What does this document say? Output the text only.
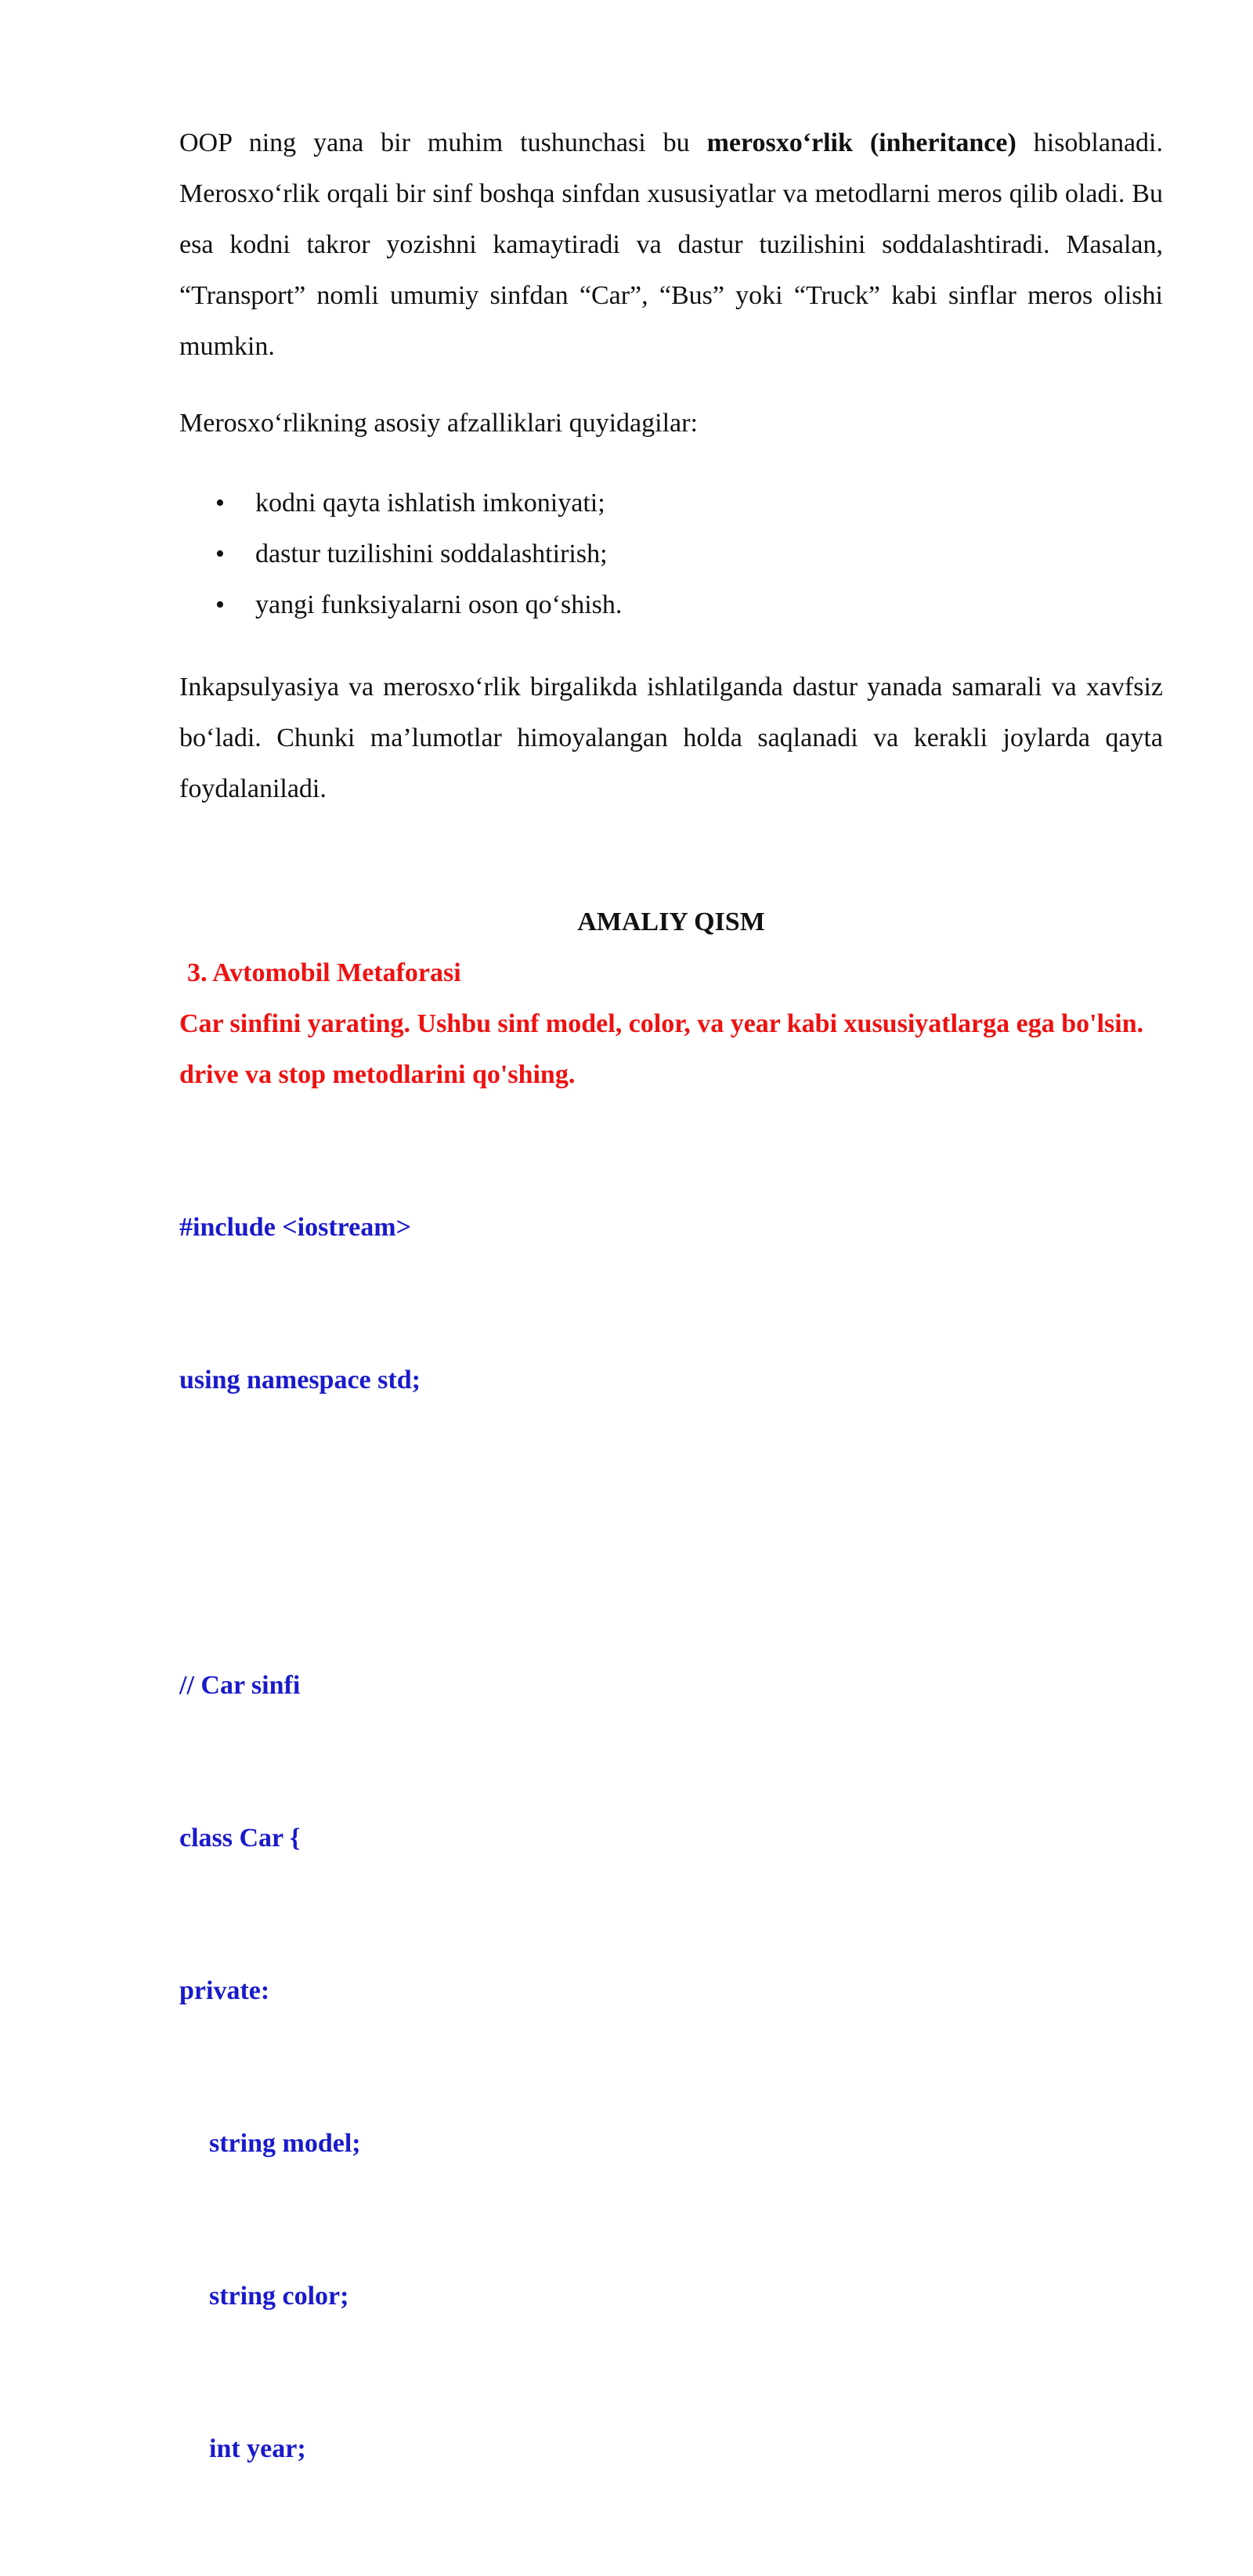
OOP ning yana bir muhim tushunchasi bu merosxo‘rlik (inheritance) hisoblanadi. Merosxo‘rlik orqali bir sinf boshqa sinfdan xususiyatlar va metodlarni meros qilib oladi. Bu esa kodni takror yozishni kamaytiradi va dastur tuzilishini soddalashtiradi. Masalan, “Transport” nomli umumiy sinfdan “Car”, “Bus” yoki “Truck” kabi sinflar meros olishi mumkin.

Merosxo‘rlikning asosiy afzalliklari quyidagilar:

• kodni qayta ishlatish imkoniyati;
• dastur tuzilishini soddalashtirish;
• yangi funksiyalarni oson qo‘shish.

Inkapsulyasiya va merosxo‘rlik birgalikda ishlatilganda dastur yanada samarali va xavfsiz bo‘ladi. Chunki ma’lumotlar himoyalangan holda saqlanadi va kerakli joylarda qayta foydalaniladi.

AMALIY QISM
3. Avtomobil Metaforasi
Car sinfini yarating. Ushbu sinf model, color, va year kabi xususiyatlarga ega bo'lsin. drive va stop metodlarini qo'shing.

#include <iostream>

using namespace std;

// Car sinfi

class Car {

private:

string model;

string color;

int year;
